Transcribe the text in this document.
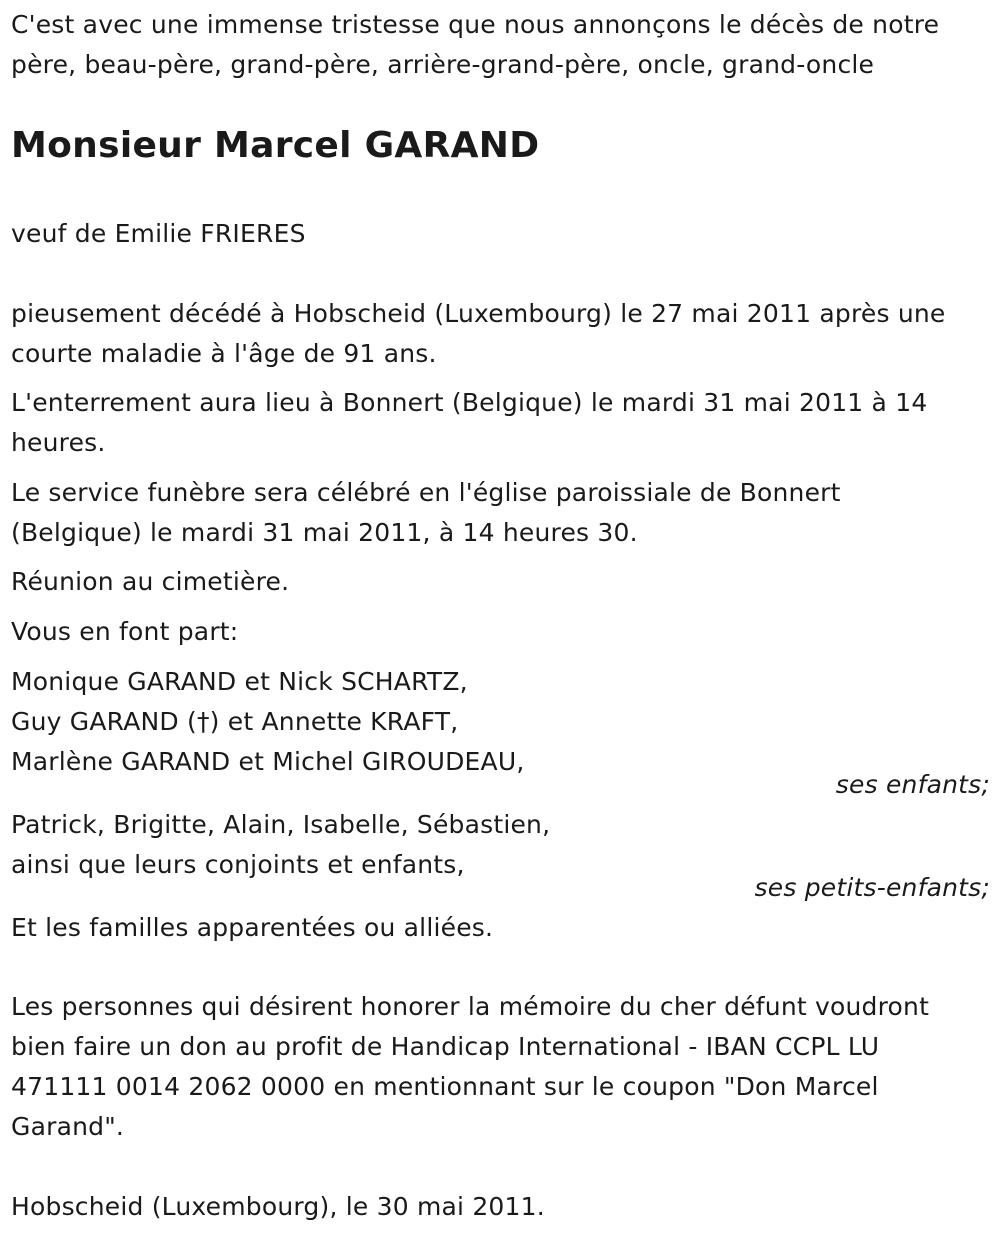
C'est avec une immense tristesse que nous annonçons le décès de notre
père, beau-père, grand-père, arrière-grand-père, oncle, grand-oncle

Monsieur Marcel GARAND

veuf de Emilie FRIERES

pieusement décédé à Hobscheid (Luxembourg) le 27 mai 2011 après une
courte maladie à l'âge de 91 ans.

L'enterrement aura lieu à Bonnert (Belgique) le mardi 31 mai 2011 à 14
heures.

Le service funèbre sera célébré en l'église paroissiale de Bonnert
(Belgique) le mardi 31 mai 2011, à 14 heures 30.

Réunion au cimetière.

Vous en font part:

Monique GARAND et Nick SCHARTZ,
Guy GARAND (†) et Annette KRAFT,
Marlène GARAND et Michel GIROUDEAU,

ses enfants;

Patrick, Brigitte, Alain, Isabelle, Sébastien,
ainsi que leurs conjoints et enfants,

ses petits-enfants;

Et les familles apparentées ou alliées.

Les personnes qui désirent honorer la mémoire du cher défunt voudront
bien faire un don au profit de Handicap International - IBAN CCPL LU
471111 0014 2062 0000 en mentionnant sur le coupon "Don Marcel
Garand".

Hobscheid (Luxembourg), le 30 mai 2011.
